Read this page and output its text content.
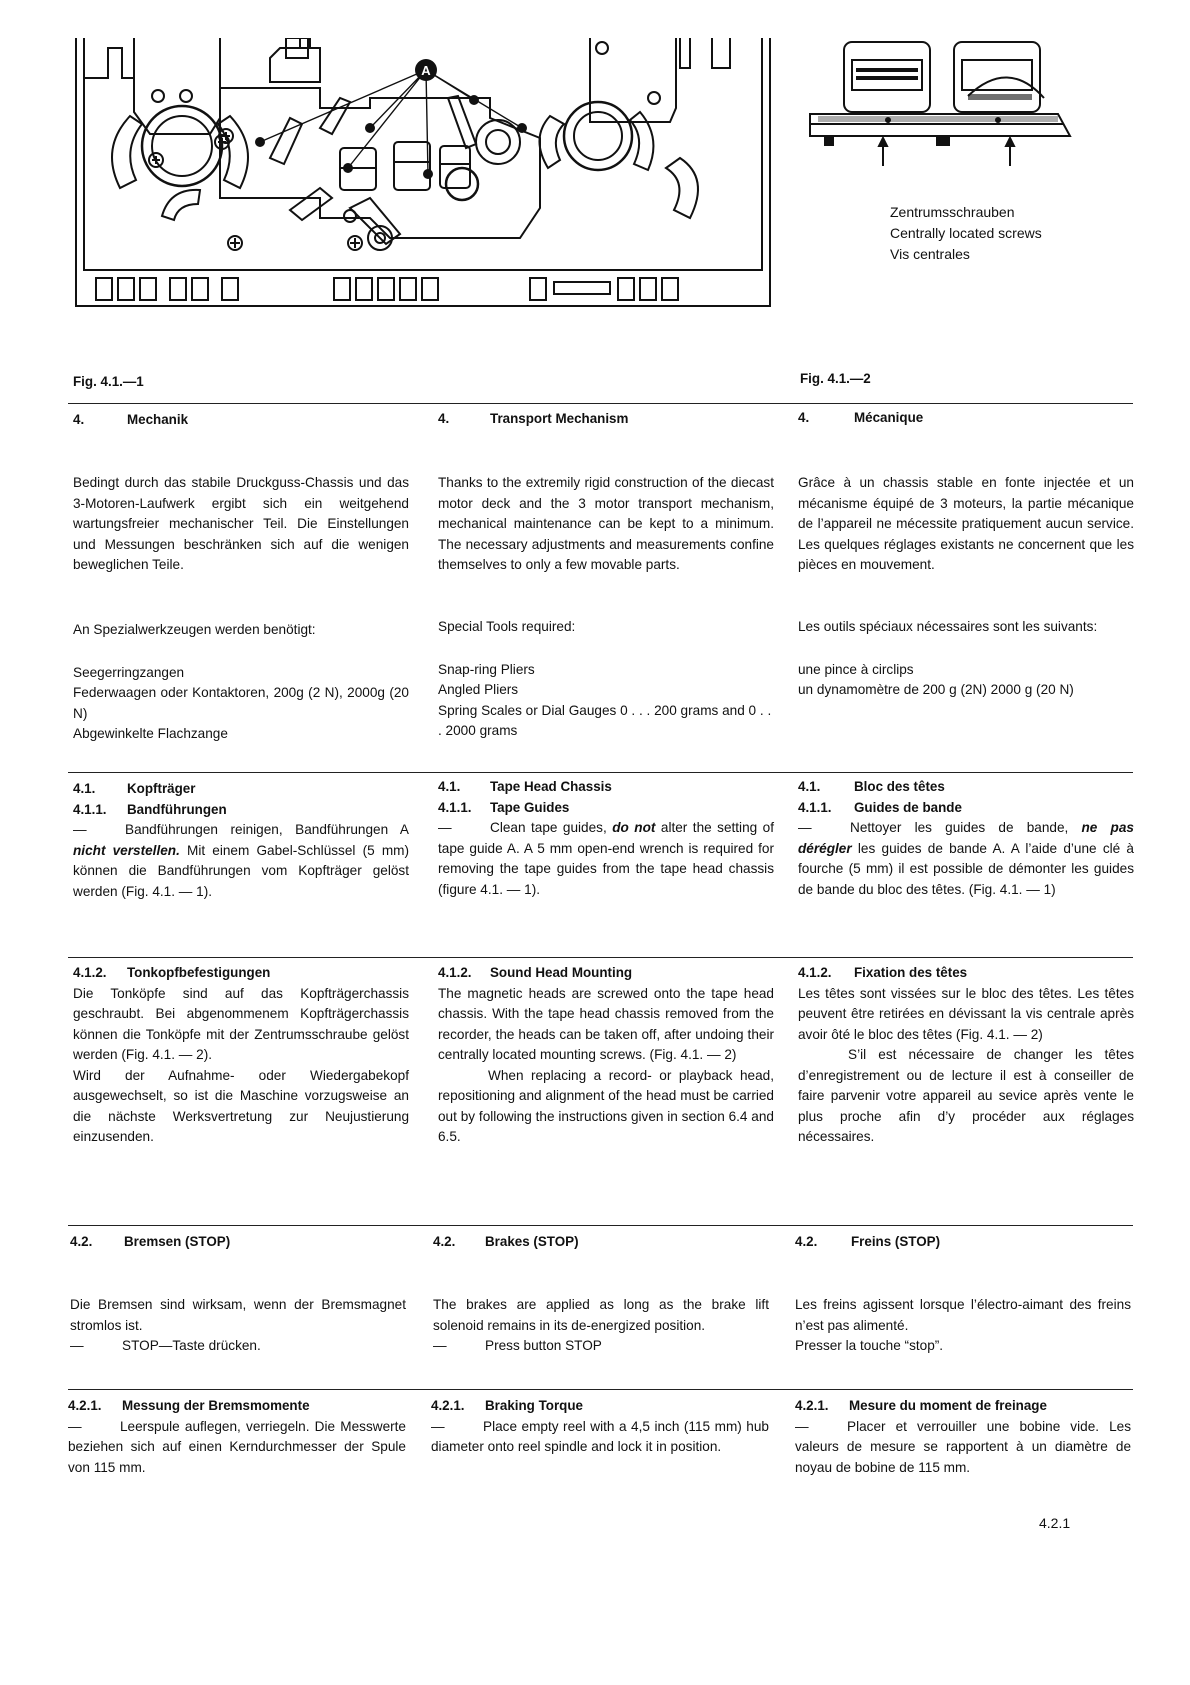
A
Zentrumsschrauben
Centrally located screws
Vis centrales
Fig. 4.1.—1	Fig. 4.1.—2
4.	Mechanik	4.	Transport Mechanism	4.	Mécanique

Bedingt durch das stabile Druckguss-Chassis und das 3-Motoren-Laufwerk ergibt sich ein weitgehend wartungsfreier mechanischer Teil. Die Einstellungen und Messungen beschränken sich auf die wenigen beweglichen Teile.

Thanks to the extremily rigid construction of the diecast motor deck and the 3 motor transport mechanism, mechanical maintenance can be kept to a minimum. The necessary adjustments and measurements confine themselves to only a few movable parts.

Grâce à un chassis stable en fonte injectée et un mécanisme équipé de 3 moteurs, la partie mécanique de l’appareil ne mécessite pratiquement aucun service. Les quelques réglages existants ne concernent que les pièces en mouvement.

An Spezialwerkzeugen werden benötigt:

Seegerringzangen

Federwaagen oder Kontaktoren, 200g (2 N), 2000g (20 N)

Abgewinkelte Flachzange

Special Tools required:

Snap-ring Pliers

Angled Pliers

Spring Scales or Dial Gauges 0 . . . 200 grams and 0 . . . 2000 grams

Les outils spéciaux nécessaires sont les suivants:

une pince à circlips

un dynamomètre de 200 g (2N) 2000 g (20 N)

4.1. Kopfträger
4.1.1. Bandführungen

—	Bandführungen reinigen, Bandführungen A nicht verstellen. Mit einem Gabel-Schlüssel (5 mm) können die Bandführungen vom Kopfträger gelöst werden (Fig. 4.1. — 1).

4.1. Tape Head Chassis
4.1.1. Tape Guides

—	Clean tape guides, do not alter the setting of tape guide A. A 5 mm open-end wrench is required for removing the tape guides from the tape head chassis (figure 4.1. — 1).

4.1.	Bloc des têtes
4.1.1. Guides de bande

—	Nettoyer les guides de bande, ne pas dérégler les guides de bande A. A l’aide d’une clé à fourche (5 mm) il est possible de démonter les guides de bande du bloc des têtes. (Fig. 4.1. — 1)

4.1.2. Tonkopfbefestigungen

Die Tonköpfe sind auf das Kopfträgerchassis geschraubt. Bei abgenommenem Kopfträgerchassis können die Tonköpfe mit der Zentrumsschraube gelöst werden (Fig. 4.1. — 2).

Wird der Aufnahme- oder Wiedergabekopf ausgewechselt, so ist die Maschine vorzugsweise an die nächste Werksvertretung zur Neujustierung einzusenden.

4.1.2. Sound Head Mounting

The magnetic heads are screwed onto the tape head chassis. With the tape head chassis removed from the recorder, the heads can be taken off, after undoing their centrally located mounting screws. (Fig. 4.1. — 2)

When replacing a record- or playback head, repositioning and alignment of the head must be carried out by following the instructions given in section 6.4 and 6.5.

4.1.2. Fixation des têtes

Les têtes sont vissées sur le bloc des têtes. Les têtes peuvent être retirées en dévissant la vis centrale après avoir ôté le bloc des têtes (Fig. 4.1. — 2)

S’il est nécessaire de changer les têtes d’enregistrement ou de lecture il est à conseiller de faire parvenir votre appareil au sevice après vente le plus proche afin d’y procéder aux réglages nécessaires.

4.2. Bremsen (STOP)	4.2. Brakes (STOP)	4.2.	Freins (STOP)

Die Bremsen sind wirksam, wenn der Bremsmagnet stromlos ist.

—	STOP—Taste drücken.

The brakes are applied as long as the brake lift solenoid remains in its de-energized position.

—	Press button STOP

Les freins agissent lorsque l’électro-aimant des freins n’est pas alimenté.

Presser la touche “stop”.

4.2.1. Messung der Bremsmomente

—	Leerspule auflegen, verriegeln. Die Messwerte beziehen sich auf einen Kerndurchmesser der Spule von 115 mm.

4.2.1. Braking Torque

—	Place empty reel with a 4,5 inch (115 mm) hub diameter onto reel spindle and lock it in position.

4.2.1. Mesure du moment de freinage

—	Placer et verrouiller une bobine vide. Les valeurs de mesure se rapportent à un diamètre de noyau de bobine de 115 mm.

4.2.1
